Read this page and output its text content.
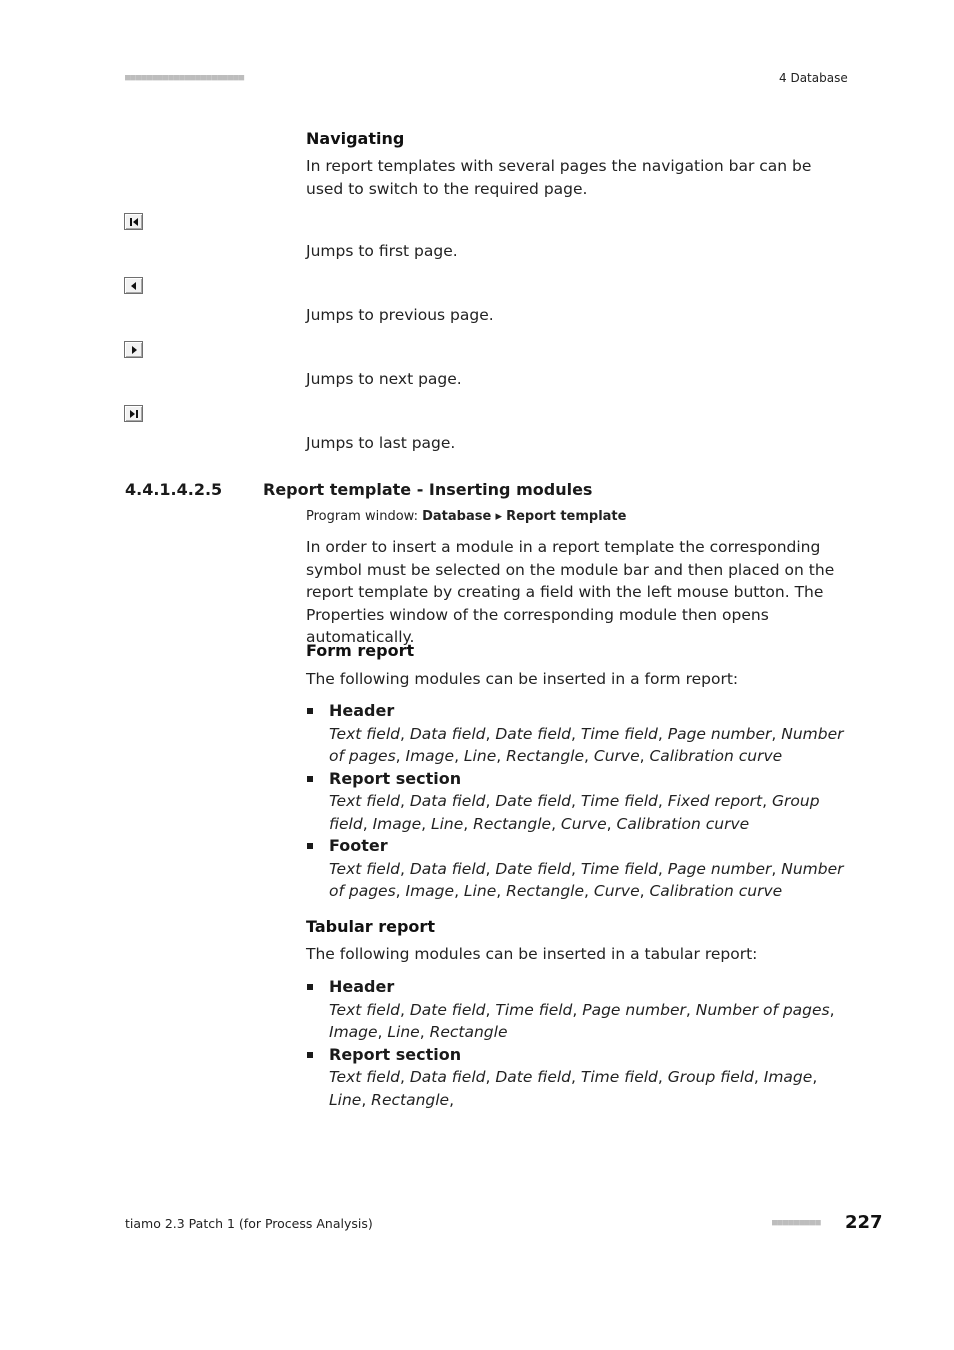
■■■■■■■■■■■■■■■■■■■■■■	4 Database
Navigating
In report templates with several pages the navigation bar can be used to switch to the required page.
Jumps to first page.
Jumps to previous page.
Jumps to next page.
Jumps to last page.
4.4.1.4.2.5	Report template - Inserting modules
Program window: Database ▸ Report template
In order to insert a module in a report template the corresponding symbol must be selected on the module bar and then placed on the report template by creating a field with the left mouse button. The Properties window of the corresponding module then opens automatically.
Form report
The following modules can be inserted in a form report:
Header
Text field, Data field, Date field, Time field, Page number, Number of pages, Image, Line, Rectangle, Curve, Calibration curve
Report section
Text field, Data field, Date field, Time field, Fixed report, Group field, Image, Line, Rectangle, Curve, Calibration curve
Footer
Text field, Data field, Date field, Time field, Page number, Number of pages, Image, Line, Rectangle, Curve, Calibration curve
Tabular report
The following modules can be inserted in a tabular report:
Header
Text field, Date field, Time field, Page number, Number of pages, Image, Line, Rectangle
Report section
Text field, Data field, Date field, Time field, Group field, Image, Line, Rectangle,
tiamo 2.3 Patch 1 (for Process Analysis)	■■■■■■■■■ 227
